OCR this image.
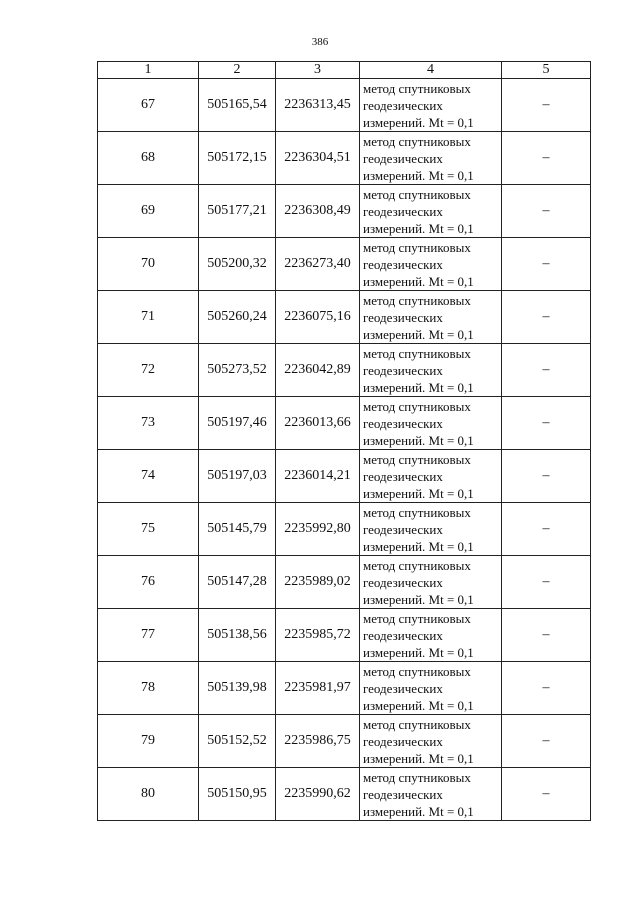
386
1	2	3	4	5
67	505165,54	2236313,45	метод спутниковых
геодезических
измерений. Mt = 0,1	–
68	505172,15	2236304,51	метод спутниковых
геодезических
измерений. Mt = 0,1	–
69	505177,21	2236308,49	метод спутниковых
геодезических
измерений. Mt = 0,1	–
70	505200,32	2236273,40	метод спутниковых
геодезических
измерений. Mt = 0,1	–
71	505260,24	2236075,16	метод спутниковых
геодезических
измерений. Mt = 0,1	–
72	505273,52	2236042,89	метод спутниковых
геодезических
измерений. Mt = 0,1	–
73	505197,46	2236013,66	метод спутниковых
геодезических
измерений. Mt = 0,1	–
74	505197,03	2236014,21	метод спутниковых
геодезических
измерений. Mt = 0,1	–
75	505145,79	2235992,80	метод спутниковых
геодезических
измерений. Mt = 0,1	–
76	505147,28	2235989,02	метод спутниковых
геодезических
измерений. Mt = 0,1	–
77	505138,56	2235985,72	метод спутниковых
геодезических
измерений. Mt = 0,1	–
78	505139,98	2235981,97	метод спутниковых
геодезических
измерений. Mt = 0,1	–
79	505152,52	2235986,75	метод спутниковых
геодезических
измерений. Mt = 0,1	–
80	505150,95	2235990,62	метод спутниковых
геодезических
измерений. Mt = 0,1	–
